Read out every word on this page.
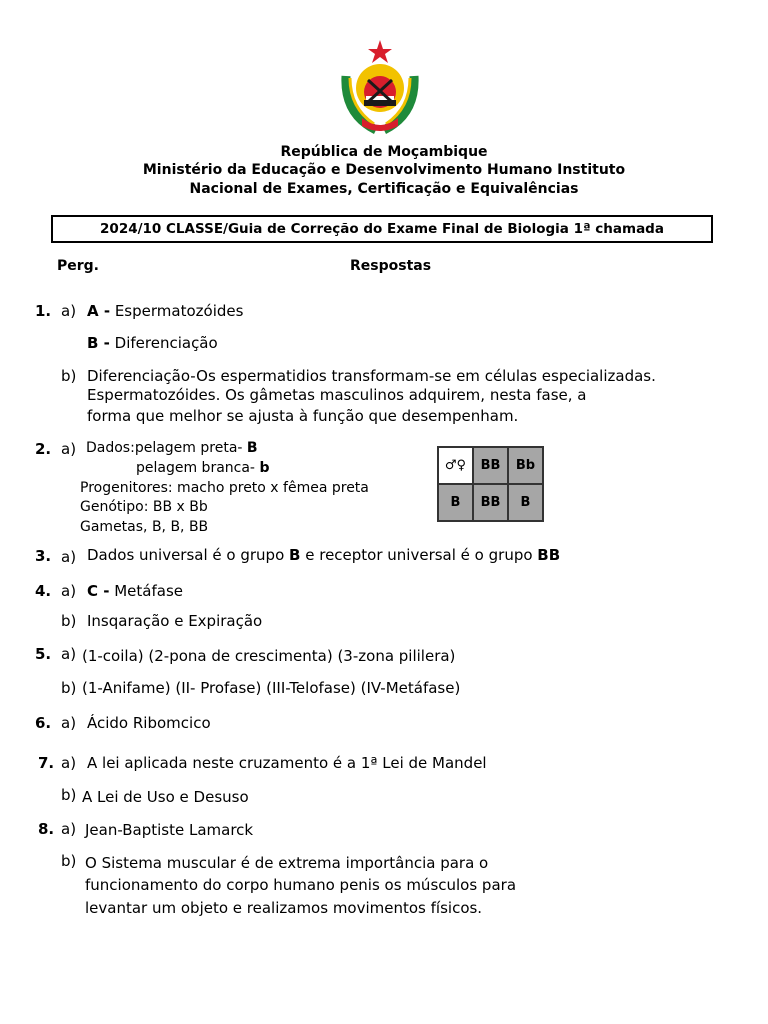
República de Moçambique
Ministério da Educação e Desenvolvimento Humano Instituto
Nacional de Exames, Certificação e Equivalências
2024/10 CLASSE/Guia de Correção do Exame Final de Biologia 1ª chamada
Perg.	Respostas
1. a) A - Espermatozóides
B - Diferenciação
b) Diferenciação-Os espermatidios transformam-se em células especializadas.
Espermatozóides. Os gâmetas masculinos adquirem, nesta fase, a
forma que melhor se ajusta à função que desempenham.
2. a) Dados:pelagem preta- B
pelagem branca- b
Progenitores: macho preto x fêmea preta
Genótipo: BB x Bb
Gametas, B, B, BB
♂♀	BB	Bb
B	BB	B
3. a) Dados universal é o grupo B e receptor universal é o grupo BB
4. a) C - Metáfase
b) Insqaração e Expiração
5. a) (1-coila) (2-pona de crescimenta) (3-zona pililera)
b) (1-Anifame) (II- Profase) (III-Telofase) (IV-Metáfase)
6. a) Ácido Ribomcico
7. a) A lei aplicada neste cruzamento é a 1ª Lei de Mandel
b) A Lei de Uso e Desuso
8. a) Jean-Baptiste Lamarck
b) O Sistema muscular é de extrema importância para o
funcionamento do corpo humano penis os músculos para
levantar um objeto e realizamos movimentos físicos.
